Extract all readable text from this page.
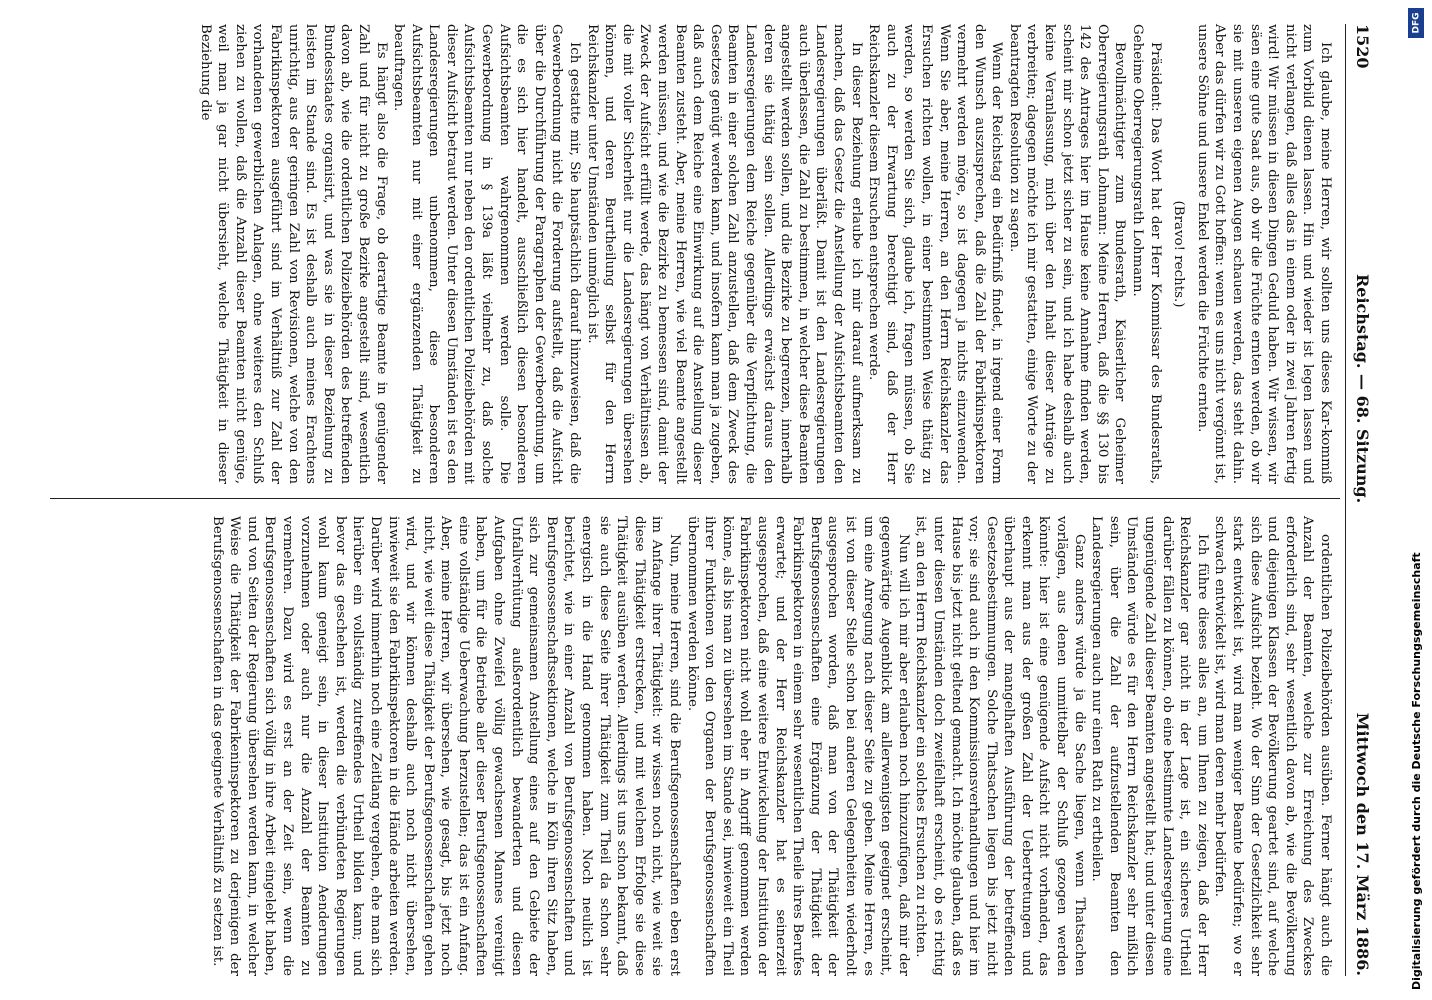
1520
Reichstag. — 68. Sitzung.
Mittwoch den 17. März 1886.

Ich glaube, meine Herren, wir sollten uns dieses Kar-kommiß zum Vorbild dienen lassen. Hin und wieder ist legen lassen und nicht verlangen, daß alles das in einem oder in zwei Jahren fertig wird! Wir müssen in diesen Dingen Geduld haben. Wir wissen, wir säen eine gute Saat aus, ob wir die Früchte ernten werden, ob wir sie mit unseren eigenen Augen schauen werden, das steht dahin. Aber das dürfen wir zu Gott hoffen: wenn es uns nicht vergönnt ist, unsere Söhne und unsere Enkel werden die Früchte ernten.

(Bravo! rechts.)

Präsident: Das Wort hat der Herr Kommissar des Bundesraths, Geheime Oberregierungsrath Lohmann.

Bevollmächtigter zum Bundesrath, Kaiserlicher Geheimer Oberregierungsrath Lohmann: Meine Herren, daß die §§ 130 bis 142 des Antrages hier im Hause keine Annahme finden werden, scheint mir schon jetzt sicher zu sein, und ich habe deshalb auch keine Veranlassung, mich über den Inhalt dieser Anträge zu verbreiten; dagegen möchte ich mir gestatten, einige Worte zu der beantragten Resolution zu sagen.

Wenn der Reichstag ein Bedürfniß findet, in irgend einer Form den Wunsch auszusprechen, daß die Zahl der Fabrikinspektoren vermehrt werden möge, so ist dagegen ja nichts einzuwenden. Wenn Sie aber, meine Herren, an den Herrn Reichskanzler das Ersuchen richten wollen, in einer bestimmten Weise thätig zu werden, so werden Sie sich, glaube ich, fragen müssen, ob Sie auch zu der Erwartung berechtigt sind, daß der Herr Reichskanzler diesem Ersuchen entsprechen werde.

In dieser Beziehung erlaube ich mir darauf aufmerksam zu machen, daß das Gesetz die Anstellung der Aufsichtsbeamten den Landesregierungen überläßt. Damit ist den Landesregierungen auch überlassen, die Zahl zu bestimmen, in welcher diese Beamten angestellt werden sollen, und die Bezirke zu begrenzen, innerhalb deren sie thätig sein sollen. Allerdings erwächst daraus den Landesregierungen dem Reiche gegenüber die Verpflichtung, die Beamten in einer solchen Zahl anzustellen, daß dem Zweck des Gesetzes genügt werden kann, und insofern kann man ja zugeben, daß auch dem Reiche eine Einwirkung auf die Anstellung dieser Beamten zusteht. Aber, meine Herren, wie viel Beamte angestellt werden müssen, und wie die Bezirke zu bemessen sind, damit der Zweck der Aufsicht erfüllt werde, das hängt von Verhältnissen ab, die mit voller Sicherheit nur die Landesregierungen übersehen können, und deren Beurtheilung selbst für den Herrn Reichskanzler unter Umständen unmöglich ist.

Ich gestatte mir, Sie hauptsächlich darauf hinzuweisen, daß die Gewerbeordnung nicht die Forderung aufstellt, daß die Aufsicht über die Durchführung der Paragraphen der Gewerbeordnung, um die es sich hier handelt, ausschließlich diesen besonderen Aufsichtsbeamten wahrgenommen werden solle. Die Gewerbeordnung in § 139a läßt vielmehr zu, daß solche Aufsichtsbeamten nur neben den ordentlichen Polizeibehörden mit dieser Aufsicht betraut werden. Unter diesen Umständen ist es den Landesregierungen unbenommen, diese besonderen Aufsichtsbeamten nur mit einer ergänzenden Thätigkeit zu beauftragen.

Es hängt also die Frage, ob derartige Beamte in genügender Zahl und für nicht zu große Bezirke angestellt sind, wesentlich davon ab, wie die ordentlichen Polizeibehörden des betreffenden Bundesstaates organisirt, und was sie in dieser Beziehung zu leisten im Stande sind. Es ist deshalb auch meines Erachtens unrichtig, aus der geringen Zahl von Revisionen, welche von den Fabrikinspektoren ausgeführt sind im Verhältniß zur Zahl der vorhandenen gewerblichen Anlagen, ohne weiteres den Schluß ziehen zu wollen, daß die Anzahl dieser Beamten nicht genüge, weil man ja gar nicht übersieht, welche Thätigkeit in dieser Beziehung die

ordentlichen Polizeibehörden ausüben. Ferner hängt auch die Anzahl der Beamten, welche zur Erreichung des Zweckes erforderlich sind, sehr wesentlich davon ab, wie die Bevölkerung und diejenigen Klassen der Bevölkerung geartet sind, auf welche sich diese Aufsicht bezieht. Wo der Sinn der Gesetzlichkeit sehr stark entwickelt ist, wird man weniger Beamte bedürfen; wo er schwach entwickelt ist, wird man deren mehr bedürfen.

Ich führe dieses alles an, um Ihnen zu zeigen, daß der Herr Reichskanzler gar nicht in der Lage ist, ein sicheres Urtheil darüber fällen zu können, ob eine bestimmte Landesregierung eine ungenügende Zahl dieser Beamten angestellt hat; und unter diesen Umständen würde es für den Herrn Reichskanzler sehr mißlich sein, über die Zahl der aufzustellenden Beamten den Landesregierungen auch nur einen Rath zu ertheilen.

Ganz anders würde ja die Sache liegen, wenn Thatsachen vorlägen, aus denen unmittelbar der Schluß gezogen werden könnte: hier ist eine genügende Aufsicht nicht vorhanden, das erkennt man aus der großen Zahl der Uebertretungen und überhaupt aus der mangelhaften Ausführung der betreffenden Gesetzesbestimmungen. Solche Thatsachen liegen bis jetzt nicht vor; sie sind auch in den Kommissionsverhandlungen und hier im Hause bis jetzt nicht geltend gemacht. Ich möchte glauben, daß es unter diesen Umständen doch zweifelhaft erscheint, ob es richtig ist, an den Herrn Reichskanzler ein solches Ersuchen zu richten.

Nun will ich mir aber erlauben noch hinzuzufügen, daß mir der gegenwärtige Augenblick am allerwenigsten geeignet erscheint, um eine Anregung nach dieser Seite zu geben. Meine Herren, es ist von dieser Stelle schon bei anderen Gelegenheiten wiederholt ausgesprochen worden, daß man von der Thätigkeit der Berufsgenossenschaften eine Ergänzung der Thätigkeit der Fabrikinspektoren in einem sehr wesentlichen Theile ihres Berufes erwartet; und der Herr Reichskanzler hat es seinerzeit ausgesprochen, daß eine weitere Entwickelung der Institution der Fabrikinspektoren nicht wohl eher in Angriff genommen werden könne, als bis man zu übersehen im Stande sei, inwieweit ein Theil ihrer Funktionen von den Organen der Berufsgenossenschaften übernommen werden könne.

Nun, meine Herren, sind die Berufsgenossenschaften eben erst im Anfange ihrer Thätigkeit: wir wissen noch nicht, wie weit sie diese Thätigkeit erstrecken, und mit welchem Erfolge sie diese Thätigkeit ausüben werden. Allerdings ist uns schon bekannt, daß sie auch diese Seite ihrer Thätigkeit zum Theil da schon sehr energisch in die Hand genommen haben. Noch neulich ist berichtet, wie in einer Anzahl von Berufsgenossenschaften und Berufsgenossenschaftssektionen, welche in Köln ihren Sitz haben, sich zur gemeinsamen Anstellung eines auf den Gebiete der Unfallverhütung außerordentlich bewanderten und diesen Aufgaben ohne Zweifel völlig gewachsenen Mannes vereinigt haben, um für die Betriebe aller dieser Berufsgenossenschaften eine vollständige Ueberwachung herzustellen; das ist ein Anfang. Aber, meine Herren, wir übersehen, wie gesagt, bis jetzt noch nicht, wie weit diese Thätigkeit der Berufsgenossenschaften gehen wird, und wir können deshalb auch noch nicht übersehen, inwieweit sie den Fabrikinspektoren in die Hände arbeiten werden. Darüber wird immerhin noch eine Zeitlang vergehen, ehe man sich hierüber ein vollständig zutreffendes Urtheil bilden kann; und bevor das geschehen ist, werden die verbündeten Regierungen wohl kaum geneigt sein, in dieser Institution Aenderungen vorzunehmen oder auch nur die Anzahl der Beamten zu vermehren. Dazu wird es erst an der Zeit sein, wenn die Berufsgenossenschaften sich völlig in ihre Arbeit eingelebt haben, und von Seiten der Regierung übersehen werden kann, in welcher Weise die Thätigkeit der Fabrikeninspektoren zu derjenigen der Berufsgenossenschaften in das geeignete Verhältniß zu setzen ist.

DFG
Digitalisierung gefördert durch die Deutsche Forschungsgemeinschaft
